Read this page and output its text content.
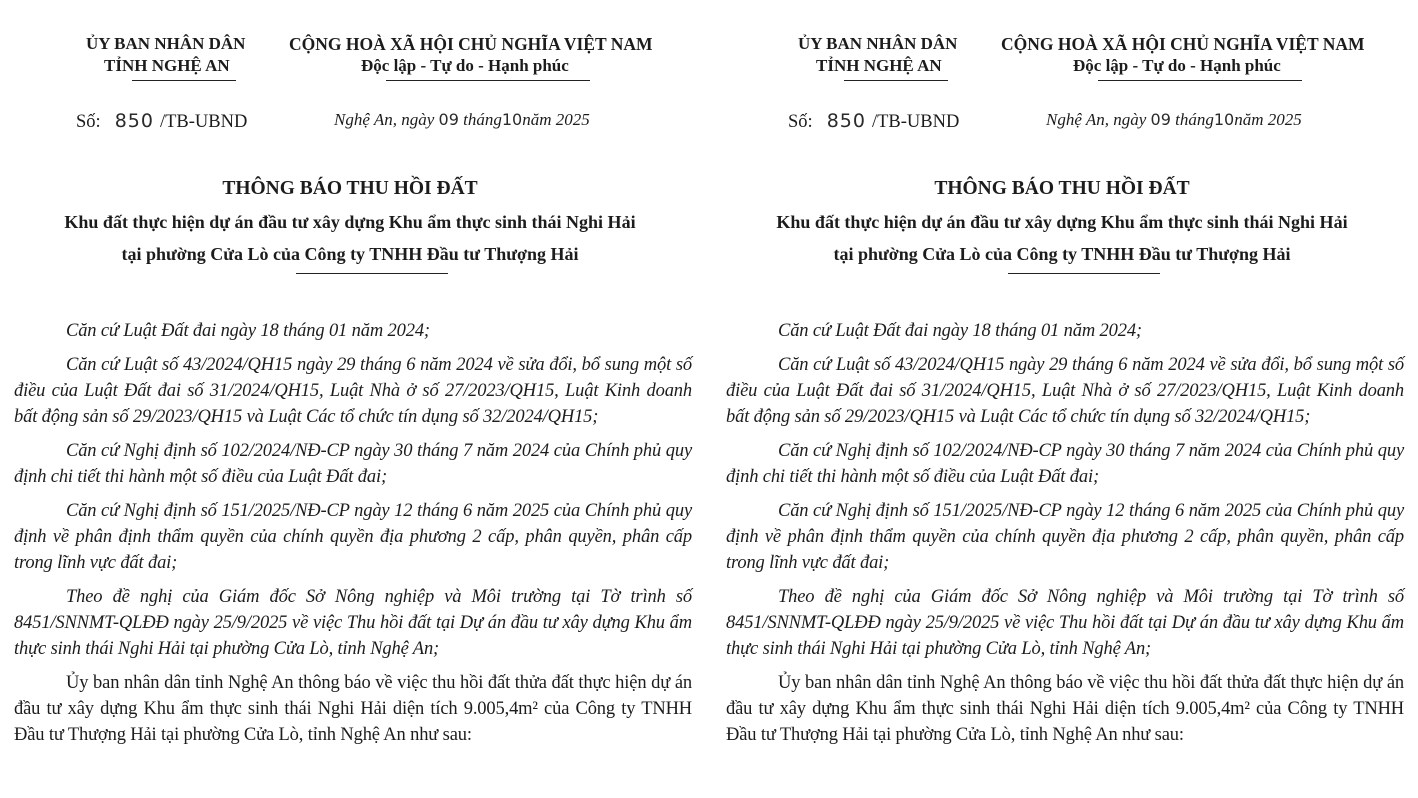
ỦY BAN NHÂN DÂN
TỈNH NGHỆ AN
CỘNG HOÀ XÃ HỘI CHỦ NGHĨA VIỆT NAM
Độc lập - Tự do - Hạnh phúc
Số: 850 /TB-UBND	Nghệ An, ngày 09 tháng10năm 2025
THÔNG BÁO THU HỒI ĐẤT
Khu đất thực hiện dự án đầu tư xây dựng Khu ẩm thực sinh thái Nghi Hải
tại phường Cửa Lò của Công ty TNHH Đầu tư Thượng Hải

Căn cứ Luật Đất đai ngày 18 tháng 01 năm 2024;

Căn cứ Luật số 43/2024/QH15 ngày 29 tháng 6 năm 2024 về sửa đổi, bổ sung một số điều của Luật Đất đai số 31/2024/QH15, Luật Nhà ở số 27/2023/QH15, Luật Kinh doanh bất động sản số 29/2023/QH15 và Luật Các tổ chức tín dụng số 32/2024/QH15;

Căn cứ Nghị định số 102/2024/NĐ-CP ngày 30 tháng 7 năm 2024 của Chính phủ quy định chi tiết thi hành một số điều của Luật Đất đai;

Căn cứ Nghị định số 151/2025/NĐ-CP ngày 12 tháng 6 năm 2025 của Chính phủ quy định về phân định thẩm quyền của chính quyền địa phương 2 cấp, phân quyền, phân cấp trong lĩnh vực đất đai;

Theo đề nghị của Giám đốc Sở Nông nghiệp và Môi trường tại Tờ trình số 8451/SNNMT-QLĐĐ ngày 25/9/2025 về việc Thu hồi đất tại Dự án đầu tư xây dựng Khu ẩm thực sinh thái Nghi Hải tại phường Cửa Lò, tỉnh Nghệ An;

Ủy ban nhân dân tỉnh Nghệ An thông báo về việc thu hồi đất thửa đất thực hiện dự án đầu tư xây dựng Khu ẩm thực sinh thái Nghi Hải diện tích 9.005,4m² của Công ty TNHH Đầu tư Thượng Hải tại phường Cửa Lò, tỉnh Nghệ An như sau:

ỦY BAN NHÂN DÂN
TỈNH NGHỆ AN
CỘNG HOÀ XÃ HỘI CHỦ NGHĨA VIỆT NAM
Độc lập - Tự do - Hạnh phúc
Số: 850 /TB-UBND	Nghệ An, ngày 09 tháng10năm 2025
THÔNG BÁO THU HỒI ĐẤT
Khu đất thực hiện dự án đầu tư xây dựng Khu ẩm thực sinh thái Nghi Hải
tại phường Cửa Lò của Công ty TNHH Đầu tư Thượng Hải

Căn cứ Luật Đất đai ngày 18 tháng 01 năm 2024;

Căn cứ Luật số 43/2024/QH15 ngày 29 tháng 6 năm 2024 về sửa đổi, bổ sung một số điều của Luật Đất đai số 31/2024/QH15, Luật Nhà ở số 27/2023/QH15, Luật Kinh doanh bất động sản số 29/2023/QH15 và Luật Các tổ chức tín dụng số 32/2024/QH15;

Căn cứ Nghị định số 102/2024/NĐ-CP ngày 30 tháng 7 năm 2024 của Chính phủ quy định chi tiết thi hành một số điều của Luật Đất đai;

Căn cứ Nghị định số 151/2025/NĐ-CP ngày 12 tháng 6 năm 2025 của Chính phủ quy định về phân định thẩm quyền của chính quyền địa phương 2 cấp, phân quyền, phân cấp trong lĩnh vực đất đai;

Theo đề nghị của Giám đốc Sở Nông nghiệp và Môi trường tại Tờ trình số 8451/SNNMT-QLĐĐ ngày 25/9/2025 về việc Thu hồi đất tại Dự án đầu tư xây dựng Khu ẩm thực sinh thái Nghi Hải tại phường Cửa Lò, tỉnh Nghệ An;

Ủy ban nhân dân tỉnh Nghệ An thông báo về việc thu hồi đất thửa đất thực hiện dự án đầu tư xây dựng Khu ẩm thực sinh thái Nghi Hải diện tích 9.005,4m² của Công ty TNHH Đầu tư Thượng Hải tại phường Cửa Lò, tỉnh Nghệ An như sau:
